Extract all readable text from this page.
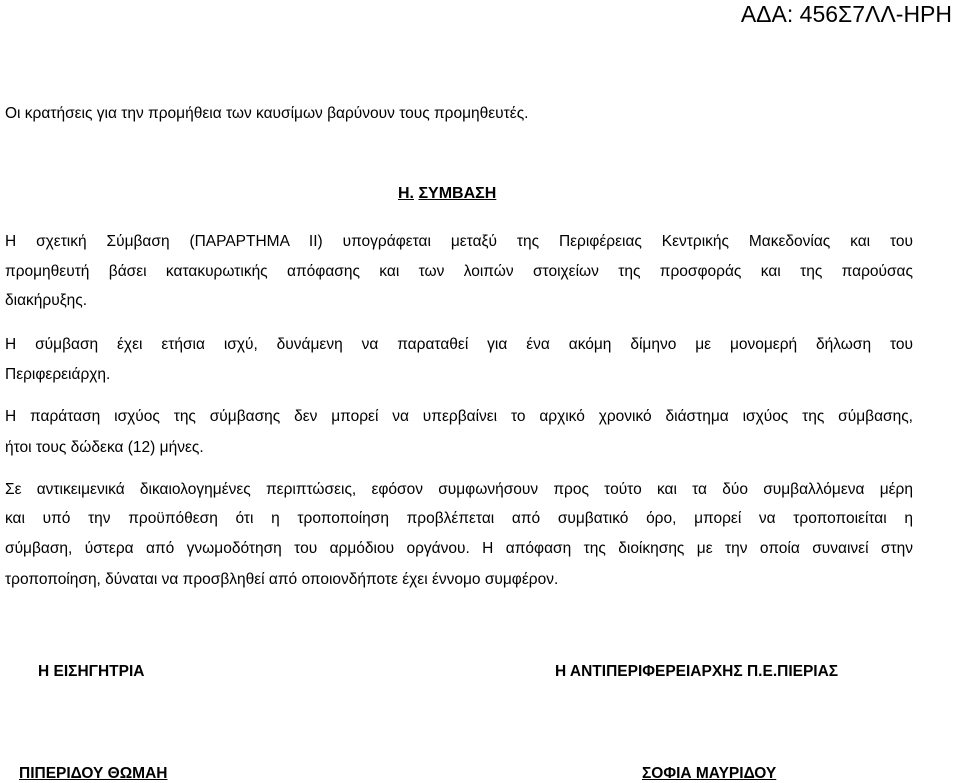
ΑΔΑ: 456Σ7ΛΛ-ΗΡΗ
Οι κρατήσεις για την προμήθεια των καυσίμων βαρύνουν τους προμηθευτές.
Η. ΣΥΜΒΑΣΗ
Η σχετική Σύμβαση (ΠΑΡΑΡΤΗΜΑ II) υπογράφεται μεταξύ της Περιφέρειας Κεντρικής Μακεδονίας και του
προμηθευτή βάσει κατακυρωτικής απόφασης και των λοιπών στοιχείων της προσφοράς και της παρούσας
διακήρυξης.
Η σύμβαση έχει ετήσια ισχύ, δυνάμενη να παραταθεί για ένα ακόμη δίμηνο με μονομερή δήλωση του
Περιφερειάρχη.
Η παράταση ισχύος της σύμβασης δεν μπορεί να υπερβαίνει το αρχικό χρονικό διάστημα ισχύος της σύμβασης,
ήτοι τους δώδεκα (12) μήνες.
Σε αντικειμενικά δικαιολογημένες περιπτώσεις, εφόσον συμφωνήσουν προς τούτο και τα δύο συμβαλλόμενα μέρη
και υπό την προϋπόθεση ότι η τροποποίηση προβλέπεται από συμβατικό όρο, μπορεί να τροποποιείται η
σύμβαση, ύστερα από γνωμοδότηση του αρμόδιου οργάνου. Η απόφαση της διοίκησης με την οποία συναινεί στην
τροποποίηση, δύναται να προσβληθεί από οποιονδήποτε έχει έννομο συμφέρον.
Η ΕΙΣΗΓΗΤΡΙΑ	Η ΑΝΤΙΠΕΡΙΦΕΡΕΙΑΡΧΗΣ Π.Ε.ΠΙΕΡΙΑΣ
ΠΙΠΕΡΙΔΟΥ ΘΩΜΑΗ	ΣΟΦΙΑ ΜΑΥΡΙΔΟΥ
